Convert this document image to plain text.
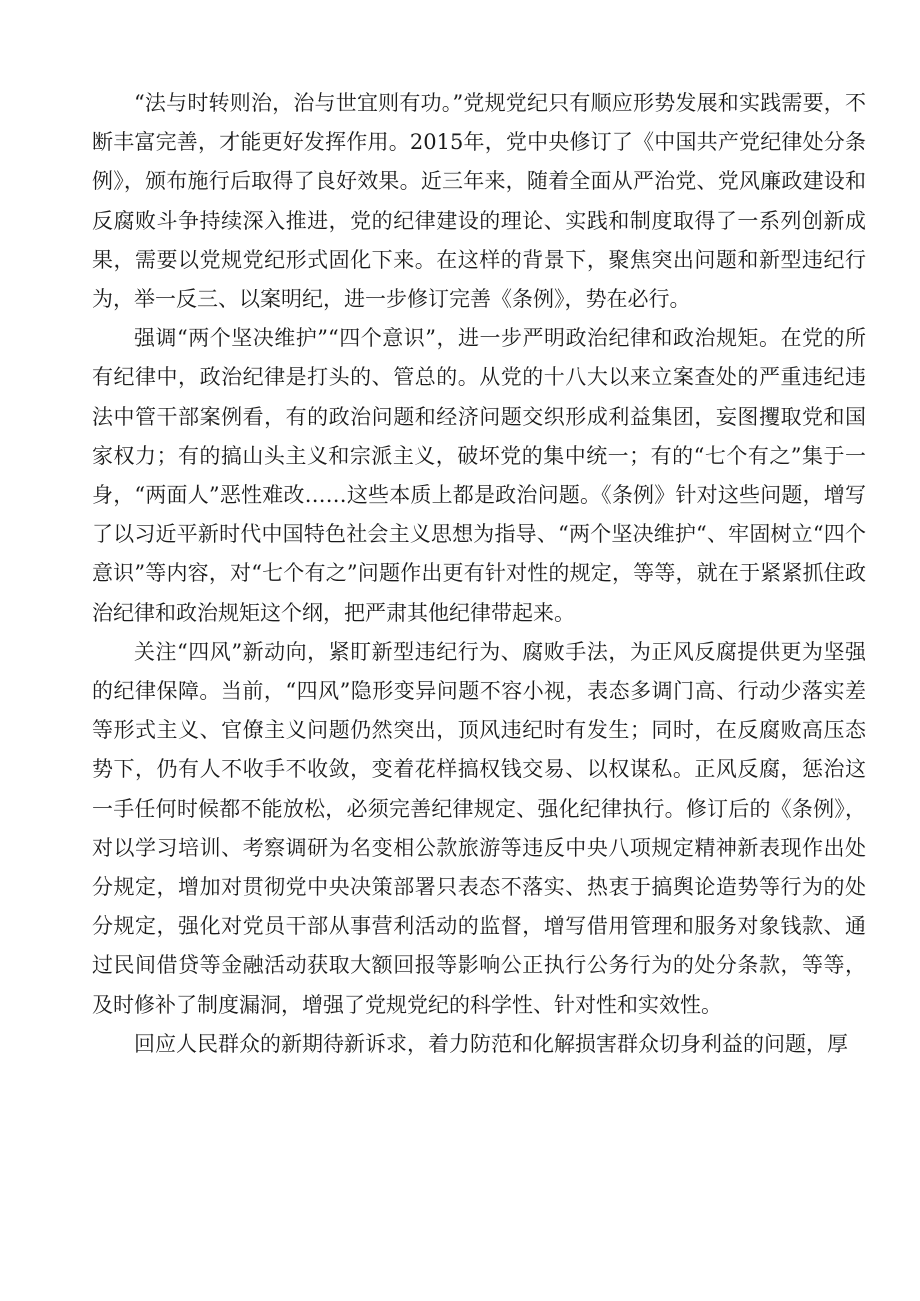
“法与时转则治，治与世宜则有功。”党规党纪只有顺应形势发展和实践需要，不断丰富完善，才能更好发挥作用。2015年，党中央修订了《中国共产党纪律处分条例》，颁布施行后取得了良好效果。近三年来，随着全面从严治党、党风廉政建设和反腐败斗争持续深入推进，党的纪律建设的理论、实践和制度取得了一系列创新成果，需要以党规党纪形式固化下来。在这样的背景下，聚焦突出问题和新型违纪行为，举一反三、以案明纪，进一步修订完善《条例》，势在必行。

强调“两个坚决维护”“四个意识”，进一步严明政治纪律和政治规矩。在党的所有纪律中，政治纪律是打头的、管总的。从党的十八大以来立案查处的严重违纪违法中管干部案例看，有的政治问题和经济问题交织形成利益集团，妄图攫取党和国家权力；有的搞山头主义和宗派主义，破坏党的集中统一；有的“七个有之”集于一身，“两面人”恶性难改……这些本质上都是政治问题。《条例》针对这些问题，增写了以习近平新时代中国特色社会主义思想为指导、“两个坚决维护“、牢固树立“四个意识”等内容，对“七个有之”问题作出更有针对性的规定，等等，就在于紧紧抓住政治纪律和政治规矩这个纲，把严肃其他纪律带起来。

关注“四风”新动向，紧盯新型违纪行为、腐败手法，为正风反腐提供更为坚强的纪律保障。当前，“四风”隐形变异问题不容小视，表态多调门高、行动少落实差等形式主义、官僚主义问题仍然突出，顶风违纪时有发生；同时，在反腐败高压态势下，仍有人不收手不收敛，变着花样搞权钱交易、以权谋私。正风反腐，惩治这一手任何时候都不能放松，必须完善纪律规定、强化纪律执行。修订后的《条例》，对以学习培训、考察调研为名变相公款旅游等违反中央八项规定精神新表现作出处分规定，增加对贯彻党中央决策部署只表态不落实、热衷于搞舆论造势等行为的处分规定，强化对党员干部从事营利活动的监督，增写借用管理和服务对象钱款、通过民间借贷等金融活动获取大额回报等影响公正执行公务行为的处分条款，等等，及时修补了制度漏洞，增强了党规党纪的科学性、针对性和实效性。

回应人民群众的新期待新诉求，着力防范和化解损害群众切身利益的问题，厚
